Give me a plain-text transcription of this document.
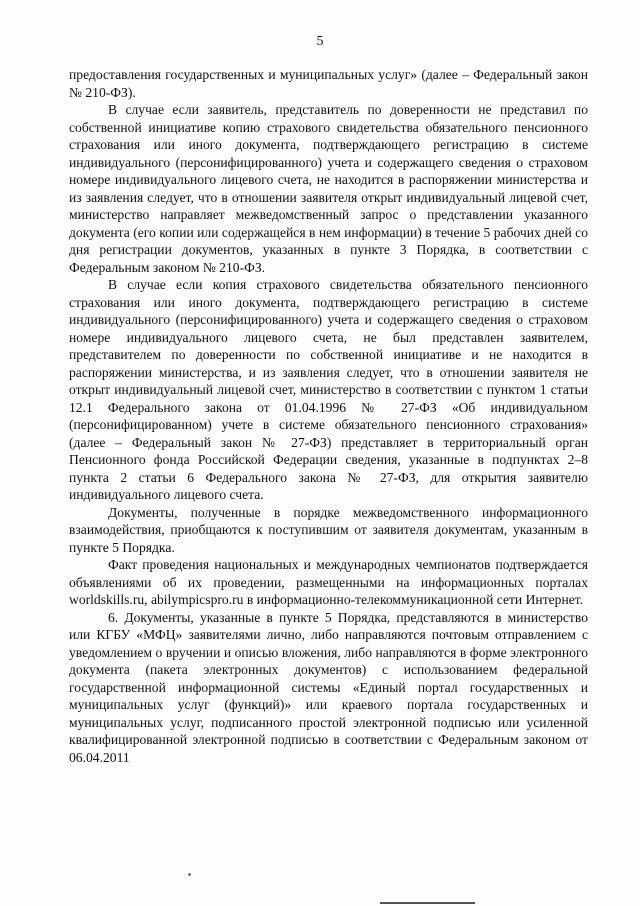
5

предоставления государственных и муниципальных услуг» (далее – Федеральный закон № 210-ФЗ).

В случае если заявитель, представитель по доверенности не представил по собственной инициативе копию страхового свидетельства обязательного пенсионного страхования или иного документа, подтверждающего регистрацию в системе индивидуального (персонифицированного) учета и содержащего сведения о страховом номере индивидуального лицевого счета, не находится в распоряжении министерства и из заявления следует, что в отношении заявителя открыт индивидуальный лицевой счет, министерство направляет межведомственный запрос о представлении указанного документа (его копии или содержащейся в нем информации) в течение 5 рабочих дней со дня регистрации документов, указанных в пункте 3 Порядка, в соответствии с Федеральным законом № 210-ФЗ.

В случае если копия страхового свидетельства обязательного пенсионного страхования или иного документа, подтверждающего регистрацию в системе индивидуального (персонифицированного) учета и содержащего сведения о страховом номере индивидуального лицевого счета, не был представлен заявителем, представителем по доверенности по собственной инициативе и не находится в распоряжении министерства, и из заявления следует, что в отношении заявителя не открыт индивидуальный лицевой счет, министерство в соответствии с пунктом 1 статьи 12.1 Федерального закона от 01.04.1996 № 27-ФЗ «Об индивидуальном (персонифицированном) учете в системе обязательного пенсионного страхования» (далее – Федеральный закон № 27-ФЗ) представляет в территориальный орган Пенсионного фонда Российской Федерации сведения, указанные в подпунктах 2–8 пункта 2 статьи 6 Федерального закона № 27-ФЗ, для открытия заявителю индивидуального лицевого счета.

Документы, полученные в порядке межведомственного информационного взаимодействия, приобщаются к поступившим от заявителя документам, указанным в пункте 5 Порядка.

Факт проведения национальных и международных чемпионатов подтверждается объявлениями об их проведении, размещенными на информационных порталах worldskills.ru, abilympicspro.ru в информационно-телекоммуникационной сети Интернет.

6. Документы, указанные в пункте 5 Порядка, представляются в министерство или КГБУ «МФЦ» заявителями лично, либо направляются почтовым отправлением с уведомлением о вручении и описью вложения, либо направляются в форме электронного документа (пакета электронных документов) с использованием федеральной государственной информационной системы «Единый портал государственных и муниципальных услуг (функций)» или краевого портала государственных и муниципальных услуг, подписанного простой электронной подписью или усиленной квалифицированной электронной подписью в соответствии с Федеральным законом от 06.04.2011
